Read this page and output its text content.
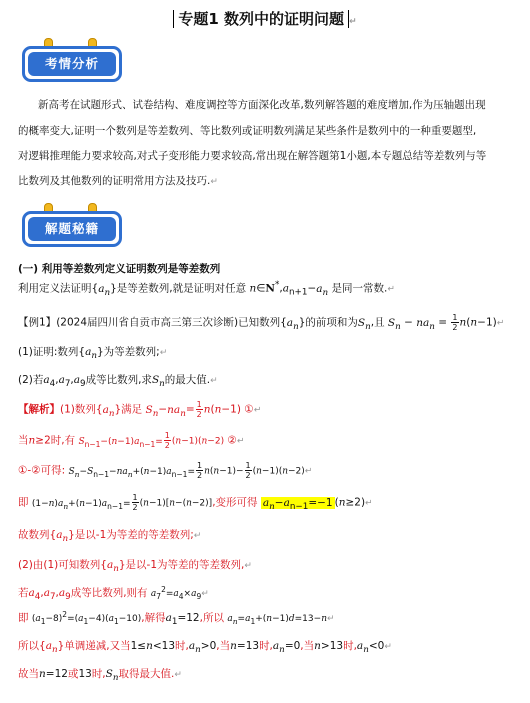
专题1 数列中的证明问题 ↵
考情分析
新高考在试题形式、试卷结构、难度调控等方面深化改革,数列解答题的难度增加,作为压轴题出现
的概率变大,证明一个数列是等差数列、等比数列或证明数列满足某些条件是数列中的一种重要题型,
对逻辑推理能力要求较高,对式子变形能力要求较高,常出现在解答题第1小题,本专题总结等差数列与等
比数列及其他数列的证明常用方法及技巧.↵
解题秘籍
(一) 利用等差数列定义证明数列是等差数列
利用定义法证明$\{a_n\}$是等差数列,就是证明对任意 $n\in N^*,a_{n+1}-a_n$ 是同一常数.↵
【例1】(2024届四川省自贡市高三第三次诊断)已知数列$\{a_n\}$的前项和为$S_n$,且 $S_n - na_n = \frac{1}{2}$ n(n−1)↵
(1)证明:数列$\{a_n\}$为等差数列;↵
(2)若$a_4,a_7,a_9$成等比数列,求$S_n$的最大值.↵
【解析】(1)数列$\{a_n\}$满足 $S_n-na_n= \frac{1}{2} n(n-1)$ ①↵
当n≥2时,有 $S_{n-1}-(n-1)a_{n-1}= \frac{1}{2} (n-1)(n-2)$ ②↵
①-②可得: $S_n-S_{n-1}-na_n+(n-1)a_{n-1}= \frac{1}{2} n(n-1)- \frac{1}{2}$ (n−1)(n−2)↵
即 $(1-n)a_n+(n-1)a_{n-1}= \frac{1}{2} (n-1)[n-(n-2)]$,变形可得 $a_n-a_{n-1}=-1$ (n≥2)↵
故数列$\{a_n\}$是以-1为等差的等差数列;↵
(2)由(1)可知数列$\{a_n\}$是以-1为等差的等差数列,↵
若$a_4,a_7,a_9$成等比数列,则有 $a_7^2=a_4\times a_9↵$
即 $(a_1-8)^2=(a_1-4)(a_1-10)$,解得$a_1=12$,所以 $a_n=a_1+(n-1)d=13-n↵$
所以$\{a_n\}$单调递减,又当1≤n<13时$,a_n>0$,当n=13时$,a_n=0$,当n>13时$,a_n<0↵$
故当n=12或13时$,S_n$取得最大值.↵
